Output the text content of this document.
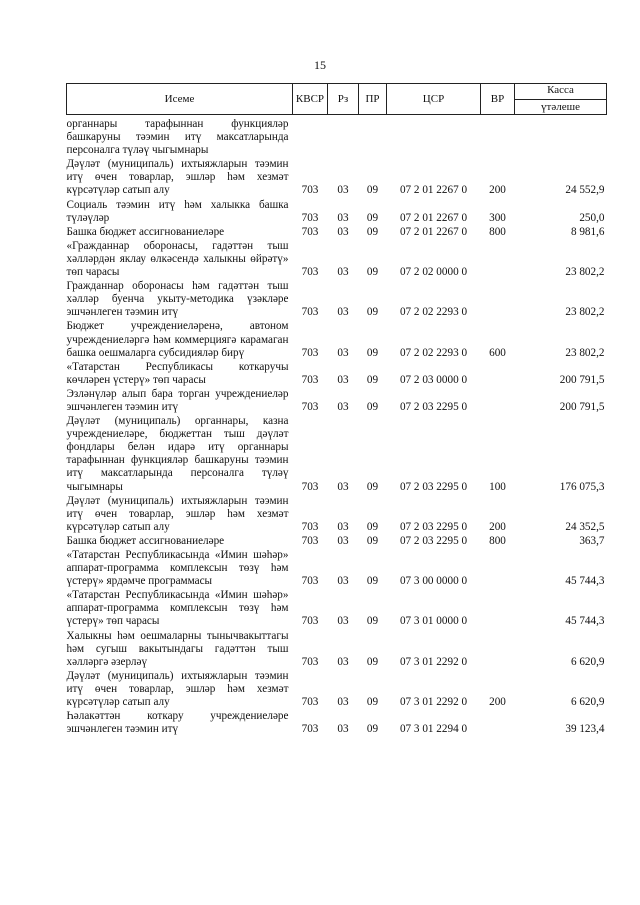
15
Исеме	КВСР	Рз	ПР	ЦСР	ВР	Касса
үтәлеше

органнары тарафыннан функцияләр башкаруны тәэмин итү максатларында персоналга түләү чыгымнары						
Дәүләт (муниципаль) ихтыяжларын тәэмин итү өчен товарлар, эшләр һәм хезмәт күрсәтүләр сатып алу	703	03	09	07 2 01 2267 0	200	24 552,9
Социаль тәэмин итү һәм халыкка башка түләүләр	703	03	09	07 2 01 2267 0	300	250,0
Башка бюджет ассигнованиеләре	703	03	09	07 2 01 2267 0	800	8 981,6
«Гражданнар оборонасы, гадәттән тыш хәлләрдән яклау өлкәсендә халыкны өйрәтү» төп чарасы	703	03	09	07 2 02 0000 0		23 802,2
Гражданнар оборонасы һәм гадәттән тыш хәлләр буенча укыту-методика үзәкләре эшчәнлеген тәэмин итү	703	03	09	07 2 02 2293 0		23 802,2
Бюджет учреждениеләренә, автоном учреждениеләргә һәм коммерциягә карамаган башка оешмаларга субсидияләр бирү	703	03	09	07 2 02 2293 0	600	23 802,2
«Татарстан Республикасы коткаручы көчләрен үстерү» төп чарасы	703	03	09	07 2 03 0000 0		200 791,5
Эзләнүләр алып бара торган учреждениеләр эшчәнлеген тәэмин итү	703	03	09	07 2 03 2295 0		200 791,5
Дәүләт (муниципаль) органнары, казна учреждениеләре, бюджеттан тыш дәүләт фондлары белән идарә итү органнары тарафыннан функцияләр башкаруны тәэмин итү максатларында персоналга түләү чыгымнары	703	03	09	07 2 03 2295 0	100	176 075,3
Дәүләт (муниципаль) ихтыяжларын тәэмин итү өчен товарлар, эшләр һәм хезмәт күрсәтүләр сатып алу	703	03	09	07 2 03 2295 0	200	24 352,5
Башка бюджет ассигнованиеләре	703	03	09	07 2 03 2295 0	800	363,7
«Татарстан Республикасында «Имин шәһәр» аппарат-программа комплексын төзү һәм үстерү» ярдәмче программасы	703	03	09	07 3 00 0000 0		45 744,3
«Татарстан Республикасында «Имин шәһәр» аппарат-программа комплексын төзү һәм үстерү» төп чарасы	703	03	09	07 3 01 0000 0		45 744,3
Халыкны һәм оешмаларны тынычвакыттагы һәм сугыш вакытындагы гадәттән тыш хәлләргә әзерләү	703	03	09	07 3 01 2292 0		6 620,9
Дәүләт (муниципаль) ихтыяжларын тәэмин итү өчен товарлар, эшләр һәм хезмәт күрсәтүләр сатып алу	703	03	09	07 3 01 2292 0	200	6 620,9
Һәлакәттән коткару учреждениеләре эшчәнлеген тәэмин итү	703	03	09	07 3 01 2294 0		39 123,4
